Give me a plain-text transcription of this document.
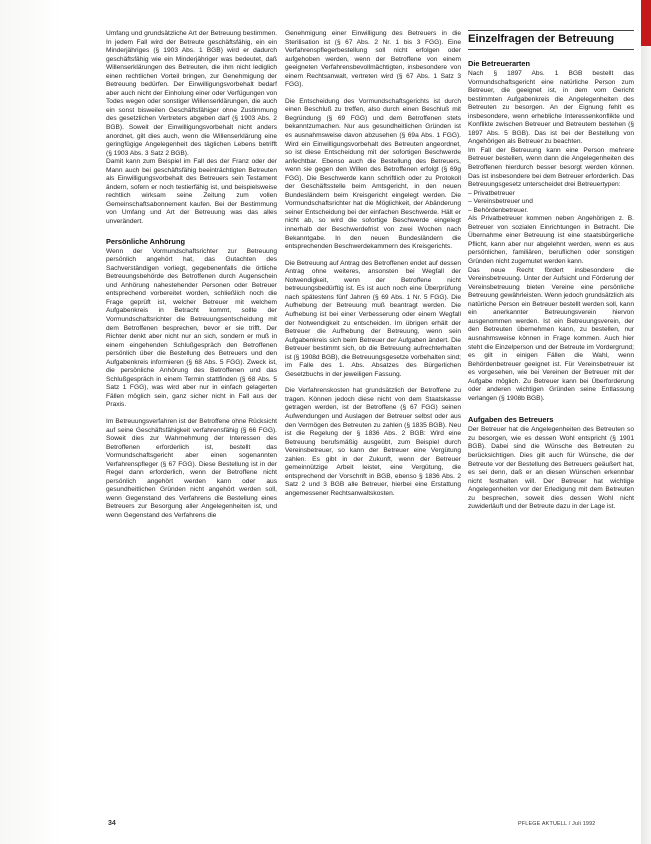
Umfang und grundsätzliche Art der Betreuung bestimmen. In jedem Fall wird der Betreute geschäftsfähig, ein ein Minderjähriges (§ 1903 Abs. 1 BGB) wird er dadurch geschäftsfähig wie ein Minderjähriger was bedeutet, daß Willenserklärungen des Betreuten, die ihm nicht lediglich einen rechtlichen Vorteil bringen, zur Genehmigung der Betreuung bedürfen. Der Einwilligungsvorbehalt bedarf aber auch nicht der Einholung einer oder Verfügungen von Todes wegen oder sonstiger Willenserklärungen, die auch ein sonst bisweilen Geschäftsfähiger ohne Zustimmung des gesetzlichen Vertreters abgeben darf (§ 1903 Abs. 2 BGB). Soweit der Einwilligungsvorbehalt nicht anders anordnet, gilt dies auch, wenn die Willenserklärung eine geringfügige Angelegenheit des täglichen Lebens betrifft (§ 1903 Abs. 3 Satz 2 BGB).

Damit kann zum Beispiel im Fall des der Franz oder der Mann auch bei geschäftsfähig beeinträchtigten Betreuten als Einwilligungsvorbehalt des Betreuers sein Testament ändern, sofern er noch testierfähig ist, und beispielsweise rechtlich wirksam seine Zeitung zum vollen Gemeinschaftsabonnement kaufen. Bei der Bestimmung von Umfang und Art der Betreuung was das alles unverändert.

Persönliche Anhörung

Wenn der Vormundschaftsrichter zur Betreuung persönlich angehört hat, das Gutachten des Sachverständigen vorliegt, gegebenenfalls die örtliche Betreuungsbehörde des Betroffenen durch Augenschein und Anhörung nahestehender Personen oder Betreuer entsprechend vorbereitet worden, schließlich noch die Frage geprüft ist, welcher Betreuer mit welchem Aufgabenkreis in Betracht kommt, sollte der Vormundschaftsrichter die Betreuungsentscheidung mit dem Betroffenen besprechen, bevor er sie trifft. Der Richter denkt aber nicht nur an sich, sondern er muß in einem eingehenden Schlußgespräch den Betroffenen persönlich über die Bestellung des Betreuers und den Aufgabenkreis informieren (§ 68 Abs. 5 FGG). Zweck ist, die persönliche Anhörung des Betroffenen und das Schlußgespräch in einem Termin stattfinden (§ 68 Abs. 5 Satz 1 FGG), was wird aber nur in einfach gelagerten Fällen möglich sein, ganz sicher nicht in Fall aus der Praxis.

Im Betreuungsverfahren ist der Betroffene ohne Rücksicht auf seine Geschäftsfähigkeit verfahrensfähig (§ 66 FGG). Soweit dies zur Wahrnehmung der Interessen des Betroffenen erforderlich ist, bestellt das Vormundschaftsgericht aber einen sogenannten Verfahrenspfleger (§ 67 FGG). Diese Bestellung ist in der Regel dann erforderlich, wenn der Betroffene nicht persönlich angehört werden kann oder aus gesundheitlichen Gründen nicht angehört werden soll, wenn Gegenstand des Verfahrens die Bestellung eines Betreuers zur Besorgung aller Angelegenheiten ist, und wenn Gegenstand des Verfahrens die

Genehmigung einer Einwilligung des Betreuers in die Sterilisation ist (§ 67 Abs. 2 Nr. 1 bis 3 FGG). Eine Verfahrenspflegerbestellung soll nicht erfolgen oder aufgehoben werden, wenn der Betroffene von einem geeigneten Verfahrensbevollmächtigten, insbesondere von einem Rechtsanwalt, vertreten wird (§ 67 Abs. 1 Satz 3 FGG).

Die Entscheidung des Vormundschaftsgerichts ist durch einen Beschluß zu treffen, also durch einen Beschluß mit Begründung (§ 69 FGG) und dem Betroffenen stets bekanntzumachen. Nur aus gesundheitlichen Gründen ist es ausnahmsweise davon abzusehen (§ 69a Abs. 1 FGG). Wird ein Einwilligungsvorbehalt des Betreuten angeordnet, so ist diese Entscheidung mit der sofortigen Beschwerde anfechtbar. Ebenso auch die Bestellung des Betreuers, wenn sie gegen den Willen des Betroffenen erfolgt (§ 69g FGG). Die Beschwerde kann schriftlich oder zu Protokoll der Geschäftsstelle beim Amtsgericht, in den neuen Bundesländern beim Kreisgericht eingelegt werden. Die Vormundschaftsrichter hat die Möglichkeit, der Abänderung seiner Entscheidung bei der einfachen Beschwerde. Hält er nicht ab, so wird die sofortige Beschwerde eingelegt innerhalb der Beschwerdefrist von zwei Wochen nach Bekanntgabe. In den neuen Bundesländern die entsprechenden Beschwerdekammern des Kreisgerichts.

Die Betreuung auf Antrag des Betroffenen endet auf dessen Antrag ohne weiteres, ansonsten bei Wegfall der Notwendigkeit, wenn der Betroffene nicht betreuungsbedürftig ist. Es ist auch noch eine Überprüfung nach spätestens fünf Jahren (§ 69 Abs. 1 Nr. 5 FGG). Die Aufhebung der Betreuung muß beantragt werden. Die Aufhebung ist bei einer Verbesserung oder einem Wegfall der Notwendigkeit zu entscheiden. Im übrigen erhält der Betreuer die Aufhebung der Betreuung, wenn sein Aufgabenkreis sich beim Betreuer der Aufgaben ändert. Die Betreuer bestimmt sich, ob die Betreuung aufrechterhalten ist (§ 1908d BGB), die Betreuungsgesetze vorbehalten sind; im Falle des 1. Abs. Absatzes des Bürgerlichen Gesetzbuchs in der jeweiligen Fassung.

Die Verfahrenskosten hat grundsätzlich der Betroffene zu tragen. Können jedoch diese nicht von dem Staatskasse getragen werden, ist der Betroffene (§ 67 FGG) seinen Aufwendungen und Auslagen der Betreuer selbst oder aus den Vermögen des Betreuten zu zahlen (§ 1835 BGB). Neu ist die Regelung der § 1836 Abs. 2 BGB: Wird eine Betreuung berufsmäßig ausgeübt, zum Beispiel durch Vereinsbetreuer, so kann der Betreuer eine Vergütung zahlen. Es gibt in der Zukunft, wenn der Betreuer gemeinnützige Arbeit leistet, eine Vergütung, die entsprechend der Vorschrift in BGB, ebenso § 1836 Abs. 2 Satz 2 und 3 BGB alle Betreuer, hierbei eine Erstattung angemessener Rechtsanwaltskosten.

Einzelfragen der Betreuung
Die Betreuerarten

Nach § 1897 Abs. 1 BGB bestellt das Vormundschaftsgericht eine natürliche Person zum Betreuer, die geeignet ist, in dem vom Gericht bestimmten Aufgabenkreis die Angelegenheiten des Betreuten zu besorgen. An der Eignung fehlt es insbesondere, wenn erhebliche Interessenkonflikte und Konflikte zwischen Betreuer und Betreutem bestehen (§ 1897 Abs. 5 BGB). Das ist bei der Bestellung von Angehörigen als Betreuer zu beachten.

Im Fall der Betreuung kann eine Person mehrere Betreuer bestellen, wenn dann die Angelegenheiten des Betroffenen hierdurch besser besorgt werden können. Das ist insbesondere bei dem Betreuer erforderlich. Das Betreuungsgesetz unterscheidet drei Betreuertypen:

– Privatbetreuer
– Vereinsbetreuer und
– Behördenbetreuer.

Als Privatbetreuer kommen neben Angehörigen z. B. Betreuer von sozialen Einrichtungen in Betracht. Die Übernahme einer Betreuung ist eine staatsbürgerliche Pflicht, kann aber nur abgelehnt werden, wenn es aus persönlichen, familiären, beruflichen oder sonstigen Gründen nicht zugemutet werden kann.

Das neue Recht fördert insbesondere die Vereinsbetreuung. Unter der Aufsicht und Förderung der Vereinsbetreuung bieten Vereine eine persönliche Betreuung gewährleisten. Wenn jedoch grundsätzlich als natürliche Person ein Betreuer bestellt werden soll, kann ein anerkannter Betreuungsverein hiervon ausgenommen werden. Ist ein Betreuungsverein, der den Betreuten übernehmen kann, zu bestellen, nur ausnahmsweise können in Frage kommen. Auch hier steht die Einzelperson und der Betreute im Vordergrund; es gilt in einigen Fällen die Wahl, wenn Behördenbetreuer geeignet ist. Für Vereinsbetreuer ist es vorgesehen, wie bei Vereinen der Betreuer mit der Aufgabe möglich. Zu Betreuer kann bei Überforderung oder anderen wichtigen Gründen seine Entlassung verlangen (§ 1908b BGB).

Aufgaben des Betreuers

Der Betreuer hat die Angelegenheiten des Betreuten so zu besorgen, wie es dessen Wohl entspricht (§ 1901 BGB). Dabei sind die Wünsche des Betreuten zu berücksichtigen. Dies gilt auch für Wünsche, die der Betreute vor der Bestellung des Betreuers geäußert hat, es sei denn, daß er an diesen Wünschen erkennbar nicht festhalten will. Der Betreuer hat wichtige Angelegenheiten vor der Erledigung mit dem Betreuten zu besprechen, soweit dies dessen Wohl nicht zuwiderläuft und der Betreute dazu in der Lage ist.

34	PFLEGE AKTUELL / Juli 1992
